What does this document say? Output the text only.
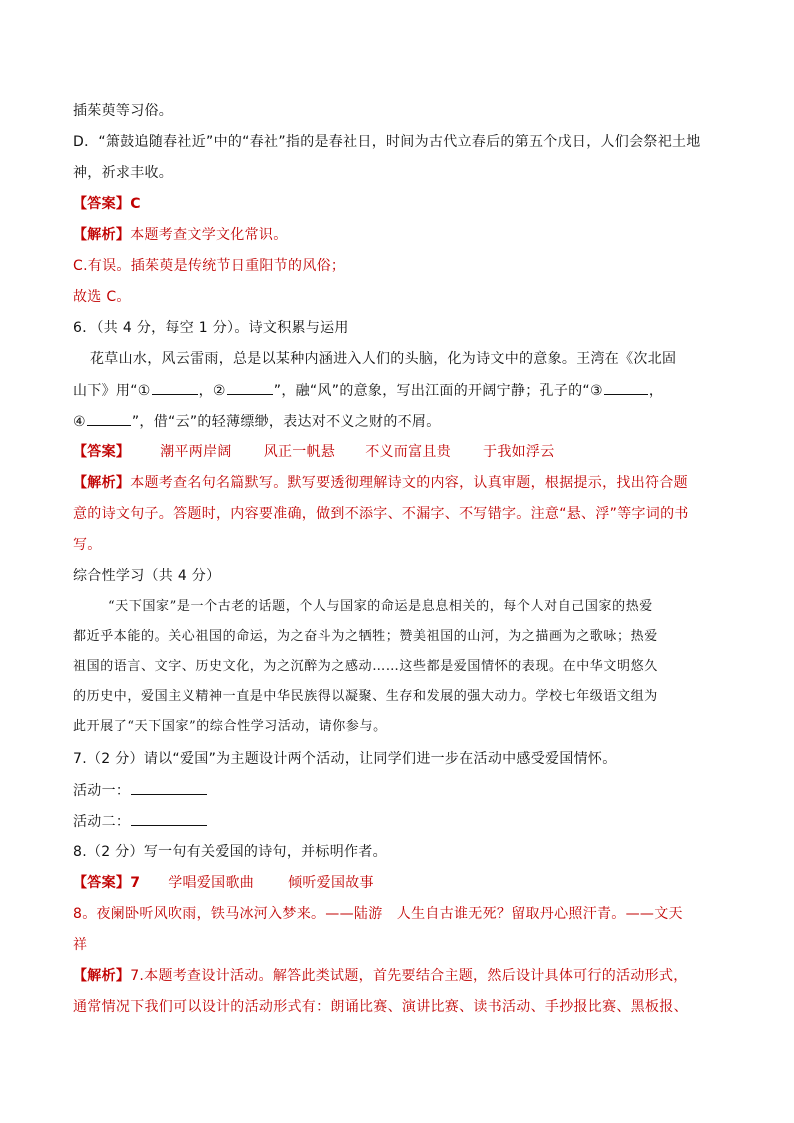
插茱萸等习俗。
D．“箫鼓追随春社近”中的“春社”指的是春社日，时间为古代立春后的第五个戊日，人们会祭祀土地
神，祈求丰收。
【答案】C
【解析】本题考查文学文化常识。
C.有误。插茱萸是传统节日重阳节的风俗；
故选 C。
6．（共 4 分，每空 1 分）。诗文积累与运用
花草山水，风云雷雨，总是以某种内涵进入人们的头脑，化为诗文中的意象。王湾在《次北固
山下》用“①	，②	”，融“风”的意象，写出江面的开阔宁静；孔子的“③	，
④	”，借“云”的轻薄缥缈，表达对不义之财的不屑。
【答案】 潮平两岸阔 风正一帆悬 不义而富且贵 于我如浮云
【解析】本题考查名句名篇默写。默写要透彻理解诗文的内容，认真审题，根据提示，找出符合题
意的诗文句子。答题时，内容要准确，做到不添字、不漏字、不写错字。注意“悬、浮”等字词的书
写。
综合性学习（共 4 分）
“天下国家”是一个古老的话题，个人与国家的命运是息息相关的，每个人对自己国家的热爱
都近乎本能的。关心祖国的命运，为之奋斗为之牺牲；赞美祖国的山河，为之描画为之歌咏；热爱
祖国的语言、文字、历史文化，为之沉醉为之感动……这些都是爱国情怀的表现。在中华文明悠久
的历史中，爱国主义精神一直是中华民族得以凝聚、生存和发展的强大动力。学校七年级语文组为
此开展了“天下国家”的综合性学习活动，请你参与。
7.（2 分）请以“爱国”为主题设计两个活动，让同学们进一步在活动中感受爱国情怀。
活动一：
活动二：
8.（2 分）写一句有关爱国的诗句，并标明作者。
【答案】7 学唱爱国歌曲 倾听爱国故事
8。夜阑卧听风吹雨，铁马冰河入梦来。——陆游　人生自古谁无死？留取丹心照汗青。——文天
祥
【解析】7.本题考查设计活动。解答此类试题，首先要结合主题，然后设计具体可行的活动形式，
通常情况下我们可以设计的活动形式有：朗诵比赛、演讲比赛、读书活动、手抄报比赛、黑板报、
